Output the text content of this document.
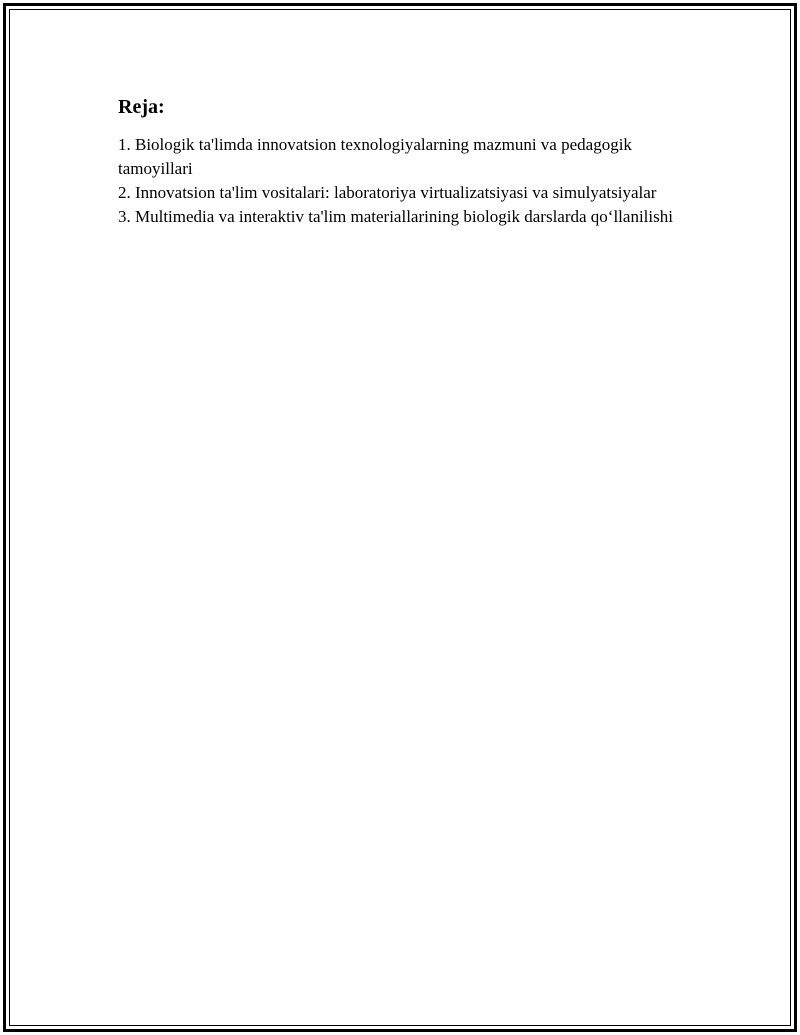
Reja:
1. Biologik ta'limda innovatsion texnologiyalarning mazmuni va pedagogik tamoyillari
2. Innovatsion ta'lim vositalari: laboratoriya virtualizatsiyasi va simulyatsiyalar
3. Multimedia va interaktiv ta'lim materiallarining biologik darslarda qo‘llanilishi
